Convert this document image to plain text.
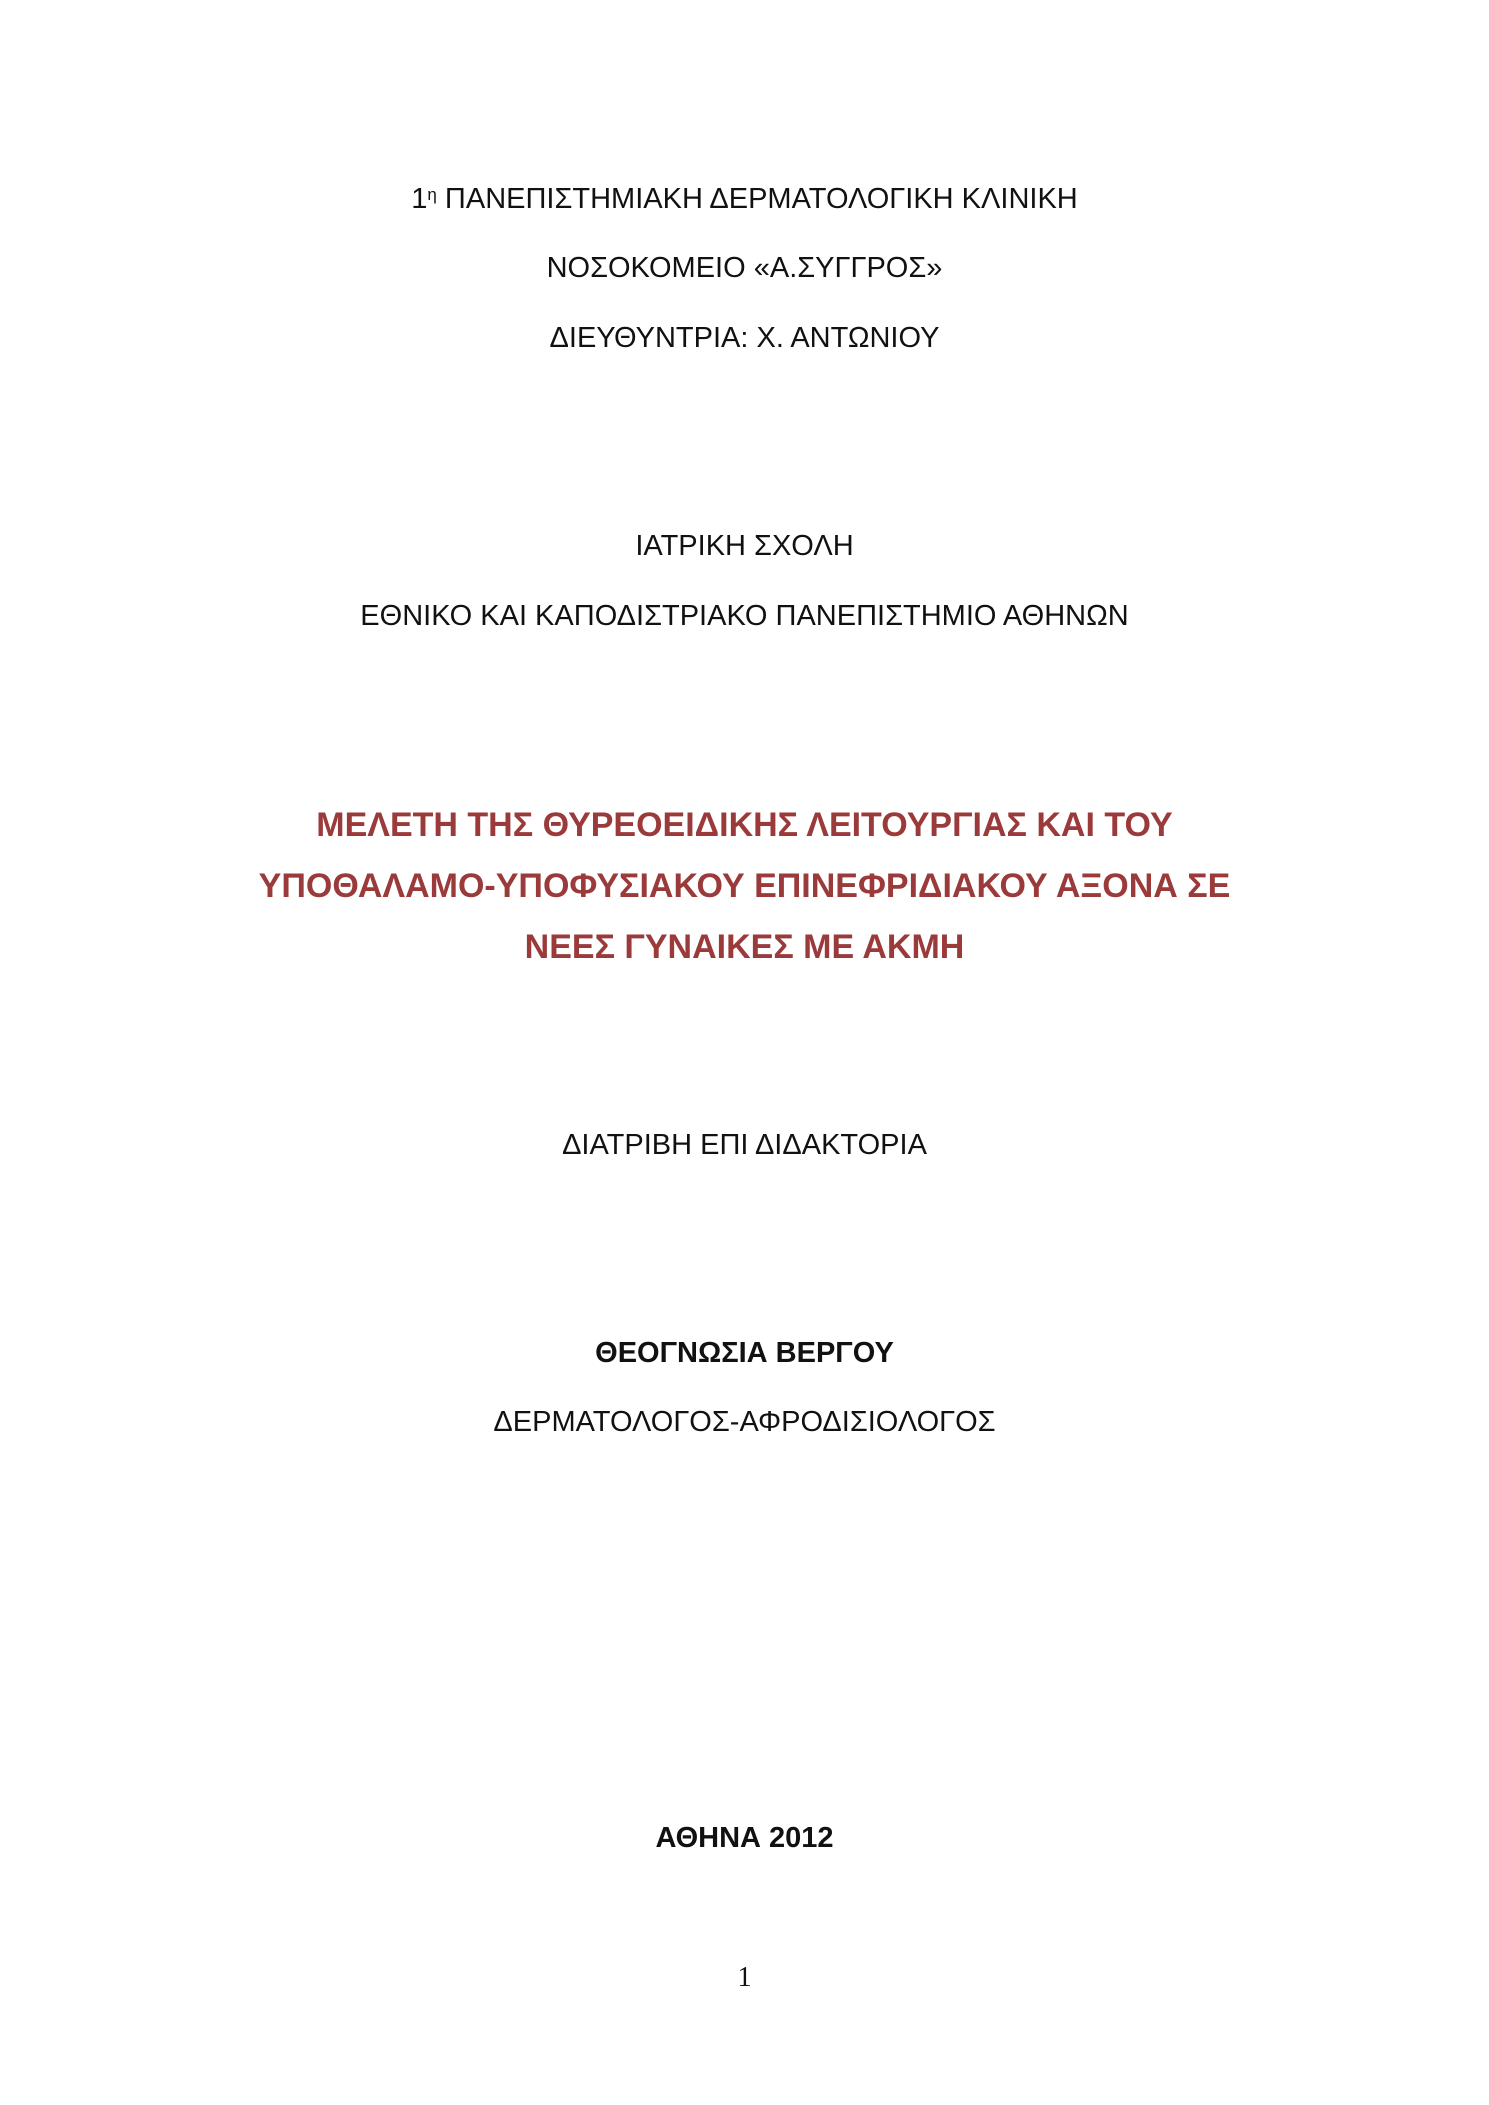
$1^\eta$ ΠΑΝΕΠΙΣΤΗΜΙΑΚΗ ΔΕΡΜΑΤΟΛΟΓΙΚΗ ΚΛΙΝΙΚΗ
ΝΟΣΟΚΟΜΕΙΟ «Α.ΣΥΓΓΡΟΣ»
ΔΙΕΥΘΥΝΤΡΙΑ: Χ. ΑΝΤΩΝΙΟΥ
ΙΑΤΡΙΚΗ ΣΧΟΛΗ
ΕΘΝΙΚΟ ΚΑΙ ΚΑΠΟΔΙΣΤΡΙΑΚΟ ΠΑΝΕΠΙΣΤΗΜΙΟ ΑΘΗΝΩΝ
ΜΕΛΕΤΗ ΤΗΣ ΘΥΡΕΟΕΙΔΙΚΗΣ ΛΕΙΤΟΥΡΓΙΑΣ ΚΑΙ ΤΟΥ
ΥΠΟΘΑΛΑΜΟ-ΥΠΟΦΥΣΙΑΚΟΥ ΕΠΙΝΕΦΡΙΔΙΑΚΟΥ ΑΞΟΝΑ ΣΕ
ΝΕΕΣ ΓΥΝΑΙΚΕΣ ΜΕ ΑΚΜΗ
ΔΙΑΤΡΙΒΗ ΕΠΙ ΔΙΔΑΚΤΟΡΙΑ
ΘΕΟΓΝΩΣΙΑ ΒΕΡΓΟΥ
ΔΕΡΜΑΤΟΛΟΓΟΣ-ΑΦΡΟΔΙΣΙΟΛΟΓΟΣ
ΑΘΗΝΑ 2012
1
